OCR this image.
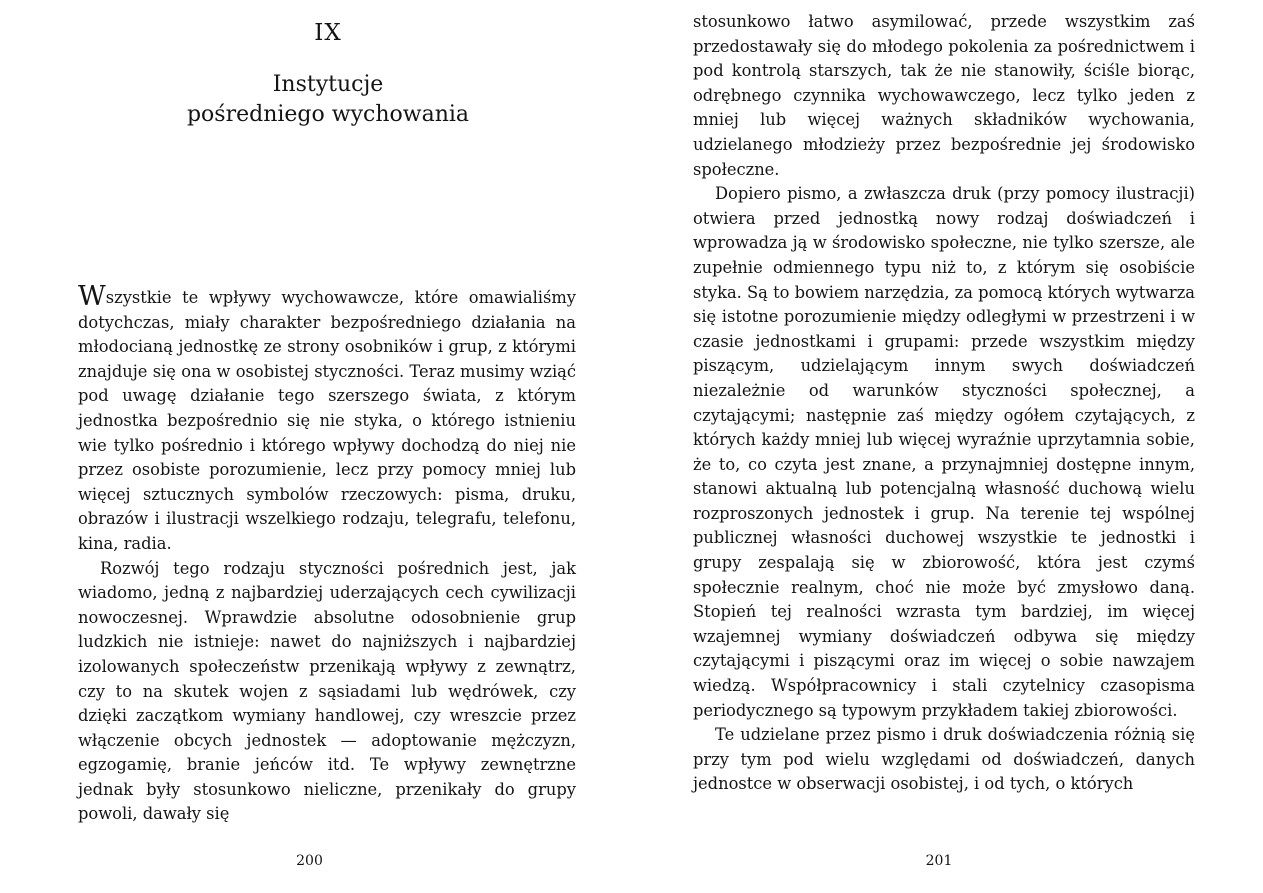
IX
Instytucje
pośredniego wychowania

Wszystkie te wpływy wychowawcze, które omawialiśmy dotychczas, miały charakter bezpośredniego działania na młodocianą jednostkę ze strony osobników i grup, z którymi znajduje się ona w osobistej styczności. Teraz musimy wziąć pod uwagę działanie tego szerszego świata, z którym jednostka bezpośrednio się nie styka, o którego istnieniu wie tylko pośrednio i którego wpływy dochodzą do niej nie przez osobiste porozumienie, lecz przy pomocy mniej lub więcej sztucznych symbolów rzeczowych: pisma, druku, obrazów i ilustracji wszelkiego rodzaju, telegrafu, telefonu, kina, radia.

Rozwój tego rodzaju styczności pośrednich jest, jak wiadomo, jedną z najbardziej uderzających cech cywilizacji nowoczesnej. Wprawdzie absolutne odosobnienie grup ludzkich nie istnieje: nawet do najniższych i najbardziej izolowanych społeczeństw przenikają wpływy z zewnątrz, czy to na skutek wojen z sąsiadami lub wędrówek, czy dzięki zaczątkom wymiany handlowej, czy wreszcie przez włączenie obcych jednostek — adoptowanie mężczyzn, egzogamię, branie jeńców itd. Te wpływy zewnętrzne jednak były stosunkowo nieliczne, przenikały do grupy powoli, dawały się

200

stosunkowo łatwo asymilować, przede wszystkim zaś przedostawały się do młodego pokolenia za pośrednictwem i pod kontrolą starszych, tak że nie stanowiły, ściśle biorąc, odrębnego czynnika wychowawczego, lecz tylko jeden z mniej lub więcej ważnych składników wychowania, udzielanego młodzieży przez bezpośrednie jej środowisko społeczne.

Dopiero pismo, a zwłaszcza druk (przy pomocy ilustracji) otwiera przed jednostką nowy rodzaj doświadczeń i wprowadza ją w środowisko społeczne, nie tylko szersze, ale zupełnie odmiennego typu niż to, z którym się osobiście styka. Są to bowiem narzędzia, za pomocą których wytwarza się istotne porozumienie między odległymi w przestrzeni i w czasie jednostkami i grupami: przede wszystkim między piszącym, udzielającym innym swych doświadczeń niezależnie od warunków styczności społecznej, a czytającymi; następnie zaś między ogółem czytających, z których każdy mniej lub więcej wyraźnie uprzytamnia sobie, że to, co czyta jest znane, a przynajmniej dostępne innym, stanowi aktualną lub potencjalną własność duchową wielu rozproszonych jednostek i grup. Na terenie tej wspólnej publicznej własności duchowej wszystkie te jednostki i grupy zespalają się w zbiorowość, która jest czymś społecznie realnym, choć nie może być zmysłowo daną. Stopień tej realności wzrasta tym bardziej, im więcej wzajemnej wymiany doświadczeń odbywa się między czytającymi i piszącymi oraz im więcej o sobie nawzajem wiedzą. Współpracownicy i stali czytelnicy czasopisma periodycznego są typowym przykładem takiej zbiorowości.

Te udzielane przez pismo i druk doświadczenia różnią się przy tym pod wielu względami od doświadczeń, danych jednostce w obserwacji osobistej, i od tych, o których

201
